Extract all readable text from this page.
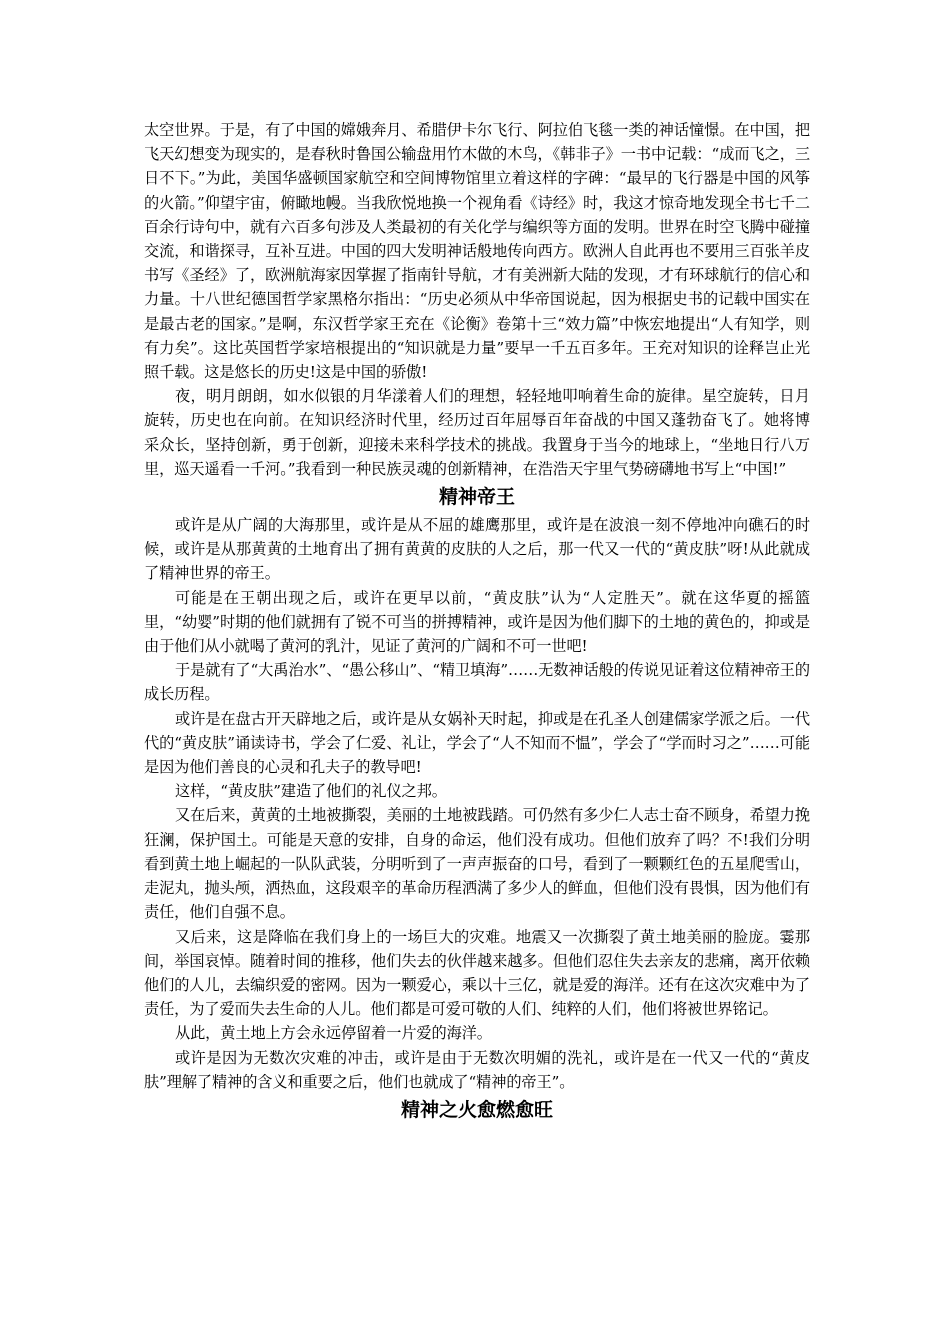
太空世界。于是，有了中国的嫦娥奔月、希腊伊卡尔飞行、阿拉伯飞毯一类的神话憧憬。在中国，把飞天幻想变为现实的，是春秋时鲁国公输盘用竹木做的木鸟，《韩非子》一书中记载：“成而飞之，三日不下。”为此，美国华盛顿国家航空和空间博物馆里立着这样的字碑：“最早的飞行器是中国的风筝的火箭。”仰望宇宙，俯瞰地幔。当我欣悦地换一个视角看《诗经》时，我这才惊奇地发现全书七千二百余行诗句中，就有六百多句涉及人类最初的有关化学与编织等方面的发明。世界在时空飞腾中碰撞交流，和谐探寻，互补互进。中国的四大发明神话般地传向西方。欧洲人自此再也不要用三百张羊皮书写《圣经》了，欧洲航海家因掌握了指南针导航，才有美洲新大陆的发现，才有环球航行的信心和力量。十八世纪德国哲学家黑格尔指出：“历史必须从中华帝国说起，因为根据史书的记载中国实在是最古老的国家。”是啊，东汉哲学家王充在《论衡》卷第十三“效力篇”中恢宏地提出“人有知学，则有力矣”。这比英国哲学家培根提出的“知识就是力量”要早一千五百多年。王充对知识的诠释岂止光照千载。这是悠长的历史!这是中国的骄傲!

夜，明月朗朗，如水似银的月华漾着人们的理想，轻轻地叩响着生命的旋律。星空旋转，日月旋转，历史也在向前。在知识经济时代里，经历过百年屈辱百年奋战的中国又蓬勃奋飞了。她将博采众长，坚持创新，勇于创新，迎接未来科学技术的挑战。我置身于当今的地球上，“坐地日行八万里，巡天遥看一千河。”我看到一种民族灵魂的创新精神，在浩浩天宇里气势磅礴地书写上“中国!”

精神帝王

或许是从广阔的大海那里，或许是从不屈的雄鹰那里，或许是在波浪一刻不停地冲向礁石的时候，或许是从那黄黄的土地育出了拥有黄黄的皮肤的人之后，那一代又一代的“黄皮肤”呀!从此就成了精神世界的帝王。

可能是在王朝出现之后，或许在更早以前，“黄皮肤”认为“人定胜天”。就在这华夏的摇篮里，“幼婴”时期的他们就拥有了锐不可当的拼搏精神，或许是因为他们脚下的土地的黄色的，抑或是由于他们从小就喝了黄河的乳汁，见证了黄河的广阔和不可一世吧!

于是就有了“大禹治水”、“愚公移山”、“精卫填海”……无数神话般的传说见证着这位精神帝王的成长历程。

或许是在盘古开天辟地之后，或许是从女娲补天时起，抑或是在孔圣人创建儒家学派之后。一代代的“黄皮肤”诵读诗书，学会了仁爱、礼让，学会了“人不知而不愠”，学会了“学而时习之”……可能是因为他们善良的心灵和孔夫子的教导吧!

这样，“黄皮肤”建造了他们的礼仪之邦。

又在后来，黄黄的土地被撕裂，美丽的土地被践踏。可仍然有多少仁人志士奋不顾身，希望力挽狂澜，保护国土。可能是天意的安排，自身的命运，他们没有成功。但他们放弃了吗？不!我们分明看到黄土地上崛起的一队队武装，分明听到了一声声振奋的口号，看到了一颗颗红色的五星爬雪山，走泥丸，抛头颅，洒热血，这段艰辛的革命历程洒满了多少人的鲜血，但他们没有畏惧，因为他们有责任，他们自强不息。

又后来，这是降临在我们身上的一场巨大的灾难。地震又一次撕裂了黄土地美丽的脸庞。霎那间，举国哀悼。随着时间的推移，他们失去的伙伴越来越多。但他们忍住失去亲友的悲痛，离开依赖他们的人儿，去编织爱的密网。因为一颗爱心，乘以十三亿，就是爱的海洋。还有在这次灾难中为了责任，为了爱而失去生命的人儿。他们都是可爱可敬的人们、纯粹的人们，他们将被世界铭记。

从此，黄土地上方会永远停留着一片爱的海洋。

或许是因为无数次灾难的冲击，或许是由于无数次明媚的洗礼，或许是在一代又一代的“黄皮肤”理解了精神的含义和重要之后，他们也就成了“精神的帝王”。

精神之火愈燃愈旺
